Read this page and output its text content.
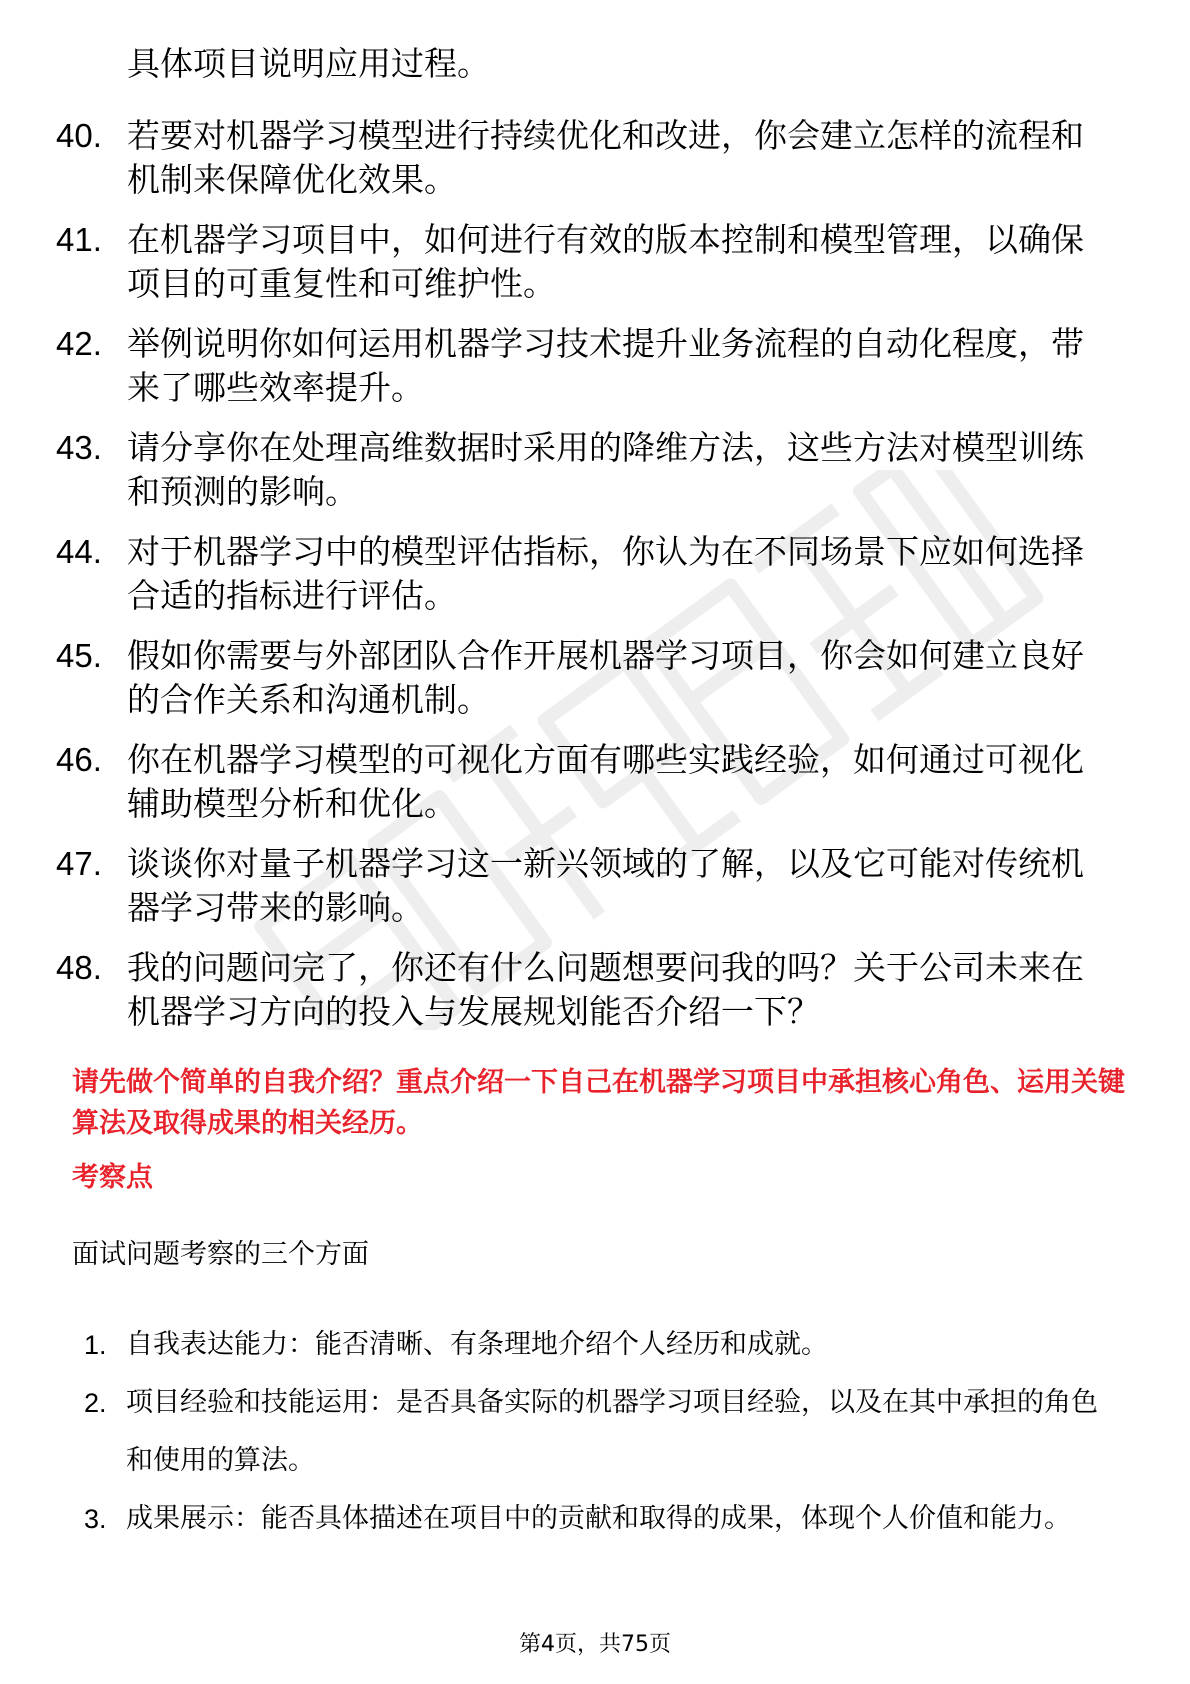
具体项目说明应用过程。
40. 若要对机器学习模型进行持续优化和改进，你会建立怎样的流程和机制来保障优化效果。
41. 在机器学习项目中，如何进行有效的版本控制和模型管理，以确保项目的可重复性和可维护性。
42. 举例说明你如何运用机器学习技术提升业务流程的自动化程度，带来了哪些效率提升。
43. 请分享你在处理高维数据时采用的降维方法，这些方法对模型训练和预测的影响。
44. 对于机器学习中的模型评估指标，你认为在不同场景下应如何选择合适的指标进行评估。
45. 假如你需要与外部团队合作开展机器学习项目，你会如何建立良好的合作关系和沟通机制。
46. 你在机器学习模型的可视化方面有哪些实践经验，如何通过可视化辅助模型分析和优化。
47. 谈谈你对量子机器学习这一新兴领域的了解，以及它可能对传统机器学习带来的影响。
48. 我的问题问完了，你还有什么问题想要问我的吗？关于公司未来在机器学习方向的投入与发展规划能否介绍一下？
请先做个简单的自我介绍？重点介绍一下自己在机器学习项目中承担核心角色、运用关键算法及取得成果的相关经历。
考察点
面试问题考察的三个方面
1. 自我表达能力：能否清晰、有条理地介绍个人经历和成就。
2. 项目经验和技能运用：是否具备实际的机器学习项目经验，以及在其中承担的角色和使用的算法。
3. 成果展示：能否具体描述在项目中的贡献和取得的成果，体现个人价值和能力。
第4页，共75页
